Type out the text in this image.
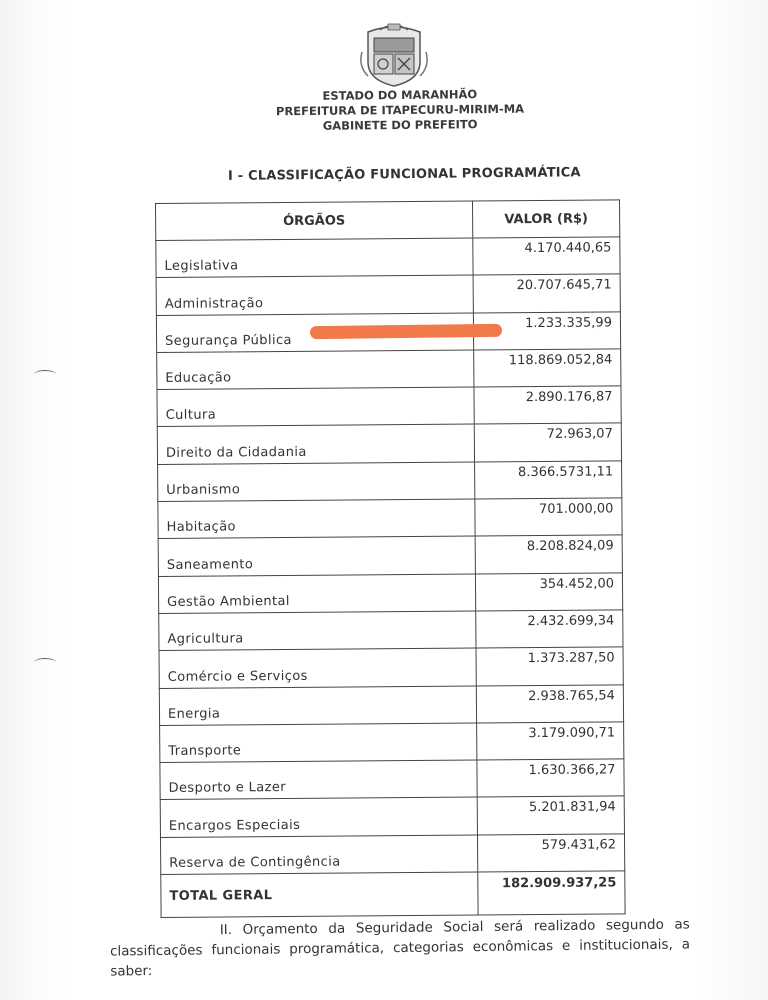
ESTADO DO MARANHÃO
PREFEITURA DE ITAPECURU-MIRIM-MA
GABINETE DO PREFEITO
I - CLASSIFICAÇÃO FUNCIONAL PROGRAMÁTICA
ÓRGÃOS	VALOR (R$)
Legislativa	4.170.440,65
Administração	20.707.645,71
Segurança Pública	1.233.335,99
Educação	118.869.052,84
Cultura	2.890.176,87
Direito da Cidadania	72.963,07
Urbanismo	8.366.5731,11
Habitação	701.000,00
Saneamento	8.208.824,09
Gestão Ambiental	354.452,00
Agricultura	2.432.699,34
Comércio e Serviços	1.373.287,50
Energia	2.938.765,54
Transporte	3.179.090,71
Desporto e Lazer	1.630.366,27
Encargos Especiais	5.201.831,94
Reserva de Contingência	579.431,62
TOTAL GERAL	182.909.937,25
II. Orçamento da Seguridade Social será realizado segundo as classificações funcionais programática, categorias econômicas e institucionais, a saber:
